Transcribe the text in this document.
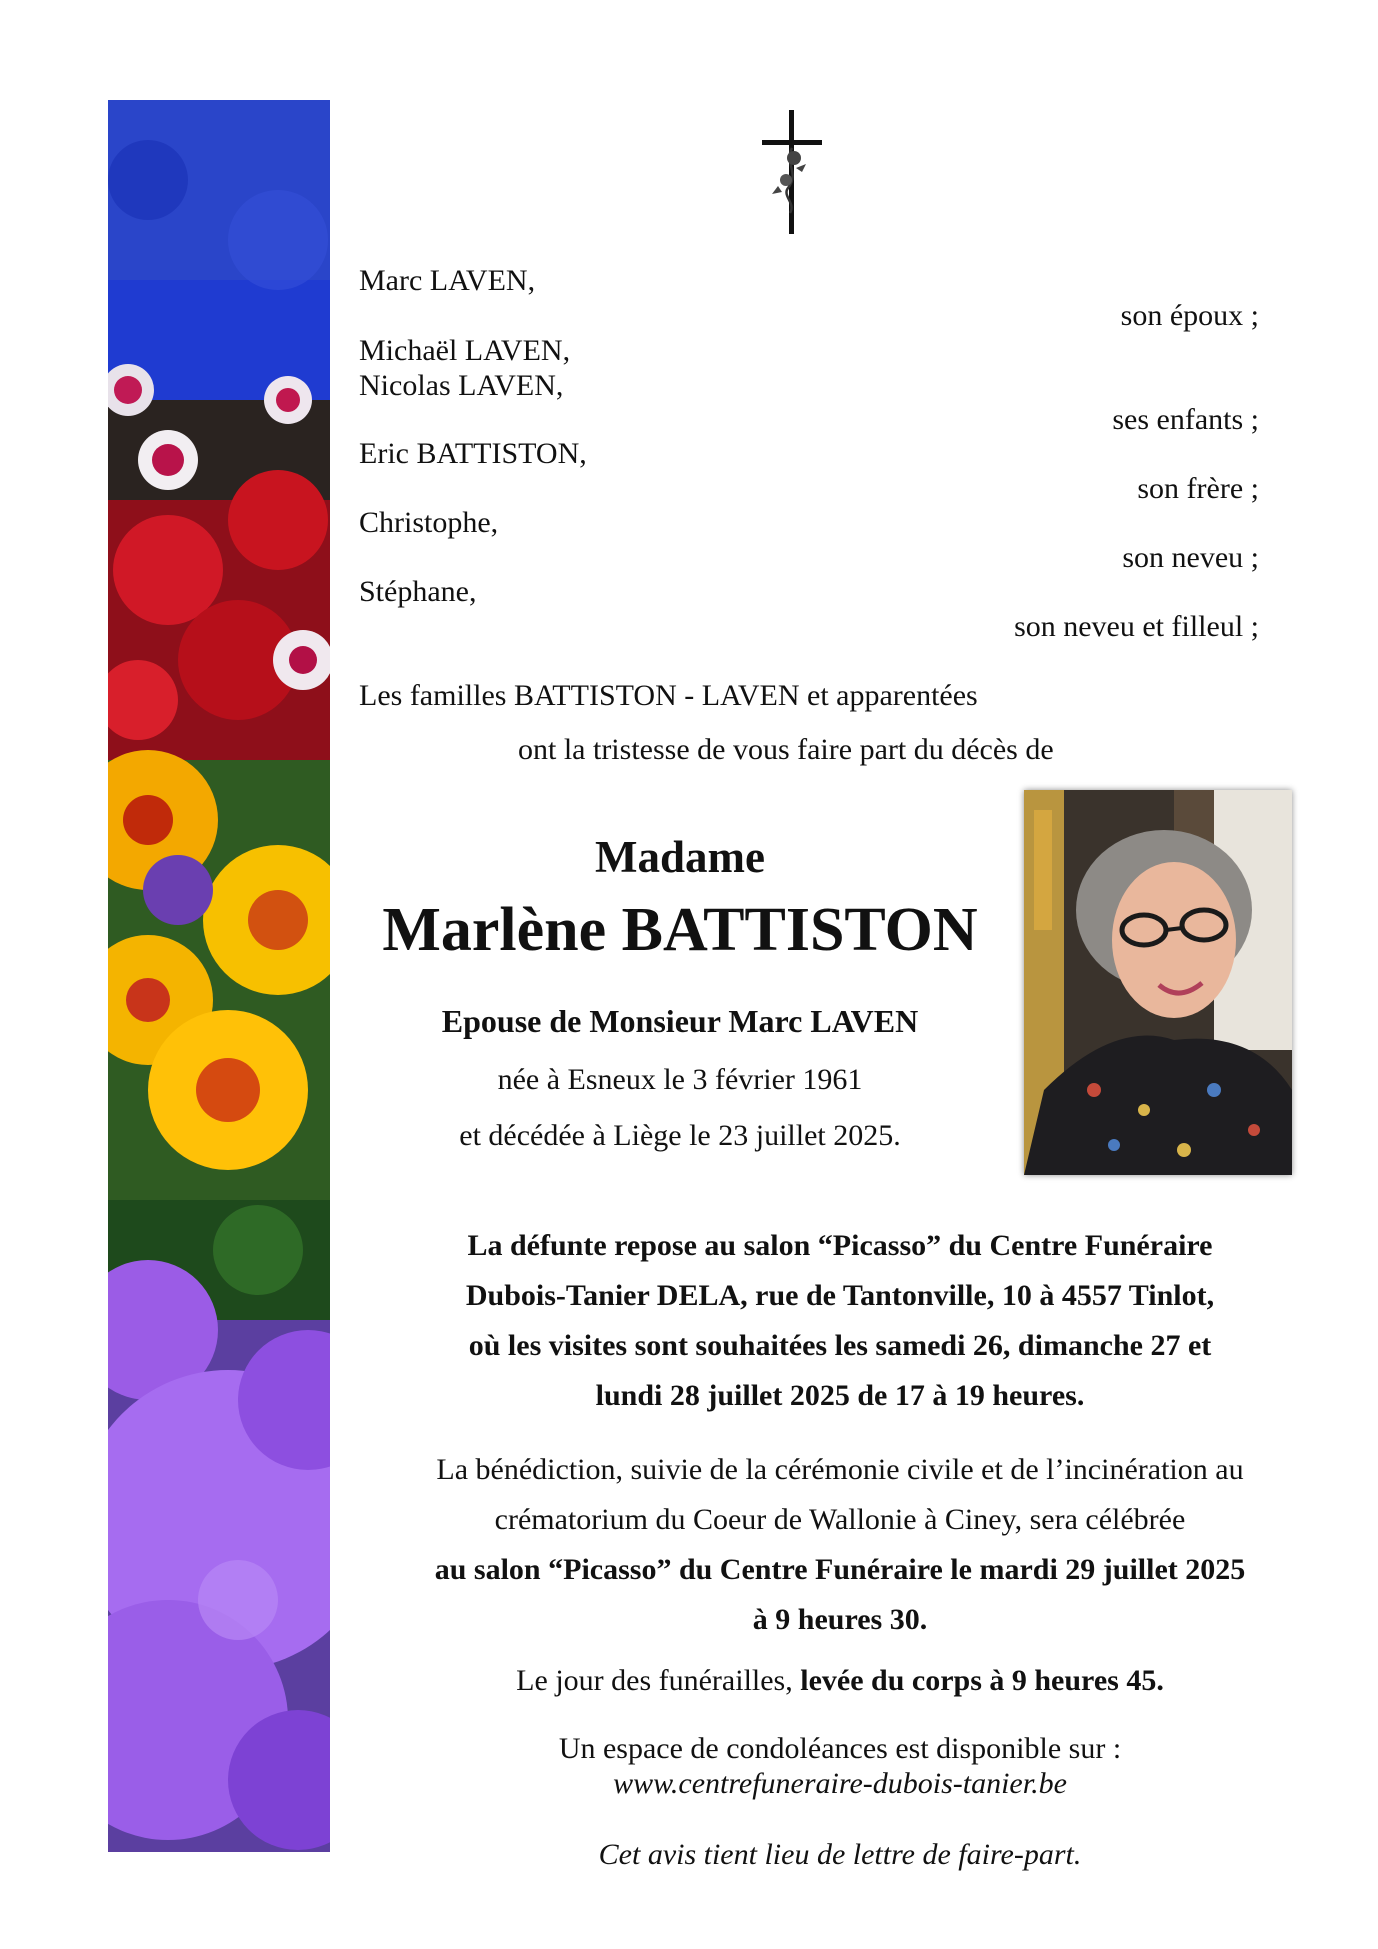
Marc LAVEN,
son époux ;
Michaël LAVEN,
Nicolas LAVEN,
ses enfants ;
Eric BATTISTON,
son frère ;
Christophe,
son neveu ;
Stéphane,
son neveu et filleul ;
Les familles BATTISTON - LAVEN et apparentées
ont la tristesse de vous faire part du décès de
Madame
Marlène BATTISTON
Epouse de Monsieur Marc LAVEN
née à Esneux le 3 février 1961
et décédée à Liège le 23 juillet 2025.
La défunte repose au salon “Picasso” du Centre Funéraire
Dubois-Tanier DELA, rue de Tantonville, 10 à 4557 Tinlot,
où les visites sont souhaitées les samedi 26, dimanche 27 et
lundi 28 juillet 2025 de 17 à 19 heures.
La bénédiction, suivie de la cérémonie civile et de l’incinération au
crématorium du Coeur de Wallonie à Ciney, sera célébrée
au salon “Picasso” du Centre Funéraire le mardi 29 juillet 2025
à 9 heures 30.
Le jour des funérailles, levée du corps à 9 heures 45.
Un espace de condoléances est disponible sur :
www.centrefuneraire-dubois-tanier.be
Cet avis tient lieu de lettre de faire-part.
